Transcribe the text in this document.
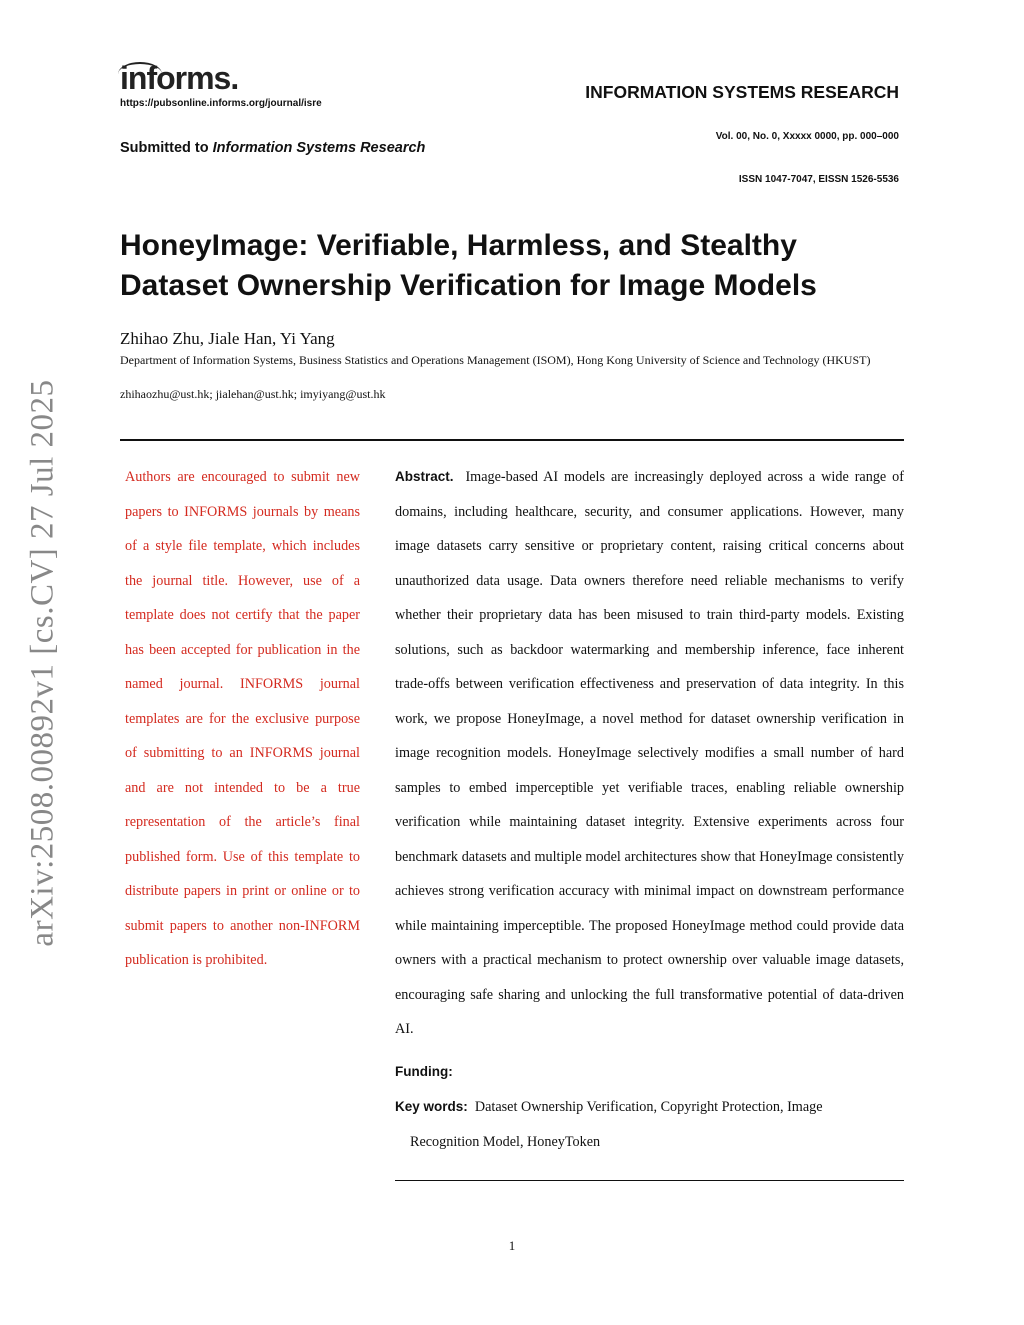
informs.
https://pubsonline.informs.org/journal/isre
INFORMATION SYSTEMS RESEARCH
Submitted to Information Systems Research
Vol. 00, No. 0, Xxxxx 0000, pp. 000–000
ISSN 1047-7047, EISSN 1526-5536
HoneyImage: Verifiable, Harmless, and Stealthy Dataset Ownership Verification for Image Models
Zhihao Zhu, Jiale Han, Yi Yang
Department of Information Systems, Business Statistics and Operations Management (ISOM), Hong Kong University of Science and Technology (HKUST)
zhihaozhu@ust.hk; jialehan@ust.hk; imyiyang@ust.hk
Authors are encouraged to submit new papers to INFORMS journals by means of a style file template, which includes the journal title. However, use of a template does not certify that the paper has been accepted for publication in the named journal. INFORMS journal templates are for the exclusive purpose of submitting to an INFORMS journal and are not intended to be a true representation of the article’s final published form. Use of this template to distribute papers in print or online or to submit papers to another non-INFORM publication is prohibited.
Abstract. Image-based AI models are increasingly deployed across a wide range of domains, including healthcare, security, and consumer applications. However, many image datasets carry sensitive or proprietary content, raising critical concerns about unauthorized data usage. Data owners therefore need reliable mechanisms to verify whether their proprietary data has been misused to train third-party models. Existing solutions, such as backdoor watermarking and membership inference, face inherent trade-offs between verification effectiveness and preservation of data integrity. In this work, we propose HoneyImage, a novel method for dataset ownership verification in image recognition models. HoneyImage selectively modifies a small number of hard samples to embed imperceptible yet verifiable traces, enabling reliable ownership verification while maintaining dataset integrity. Extensive experiments across four benchmark datasets and multiple model architectures show that HoneyImage consistently achieves strong verification accuracy with minimal impact on downstream performance while maintaining imperceptible. The proposed HoneyImage method could provide data owners with a practical mechanism to protect ownership over valuable image datasets, encouraging safe sharing and unlocking the full transformative potential of data-driven AI.
Funding:
Key words: Dataset Ownership Verification, Copyright Protection, Image
Recognition Model, HoneyToken
1
arXiv:2508.00892v1 [cs.CV] 27 Jul 2025
